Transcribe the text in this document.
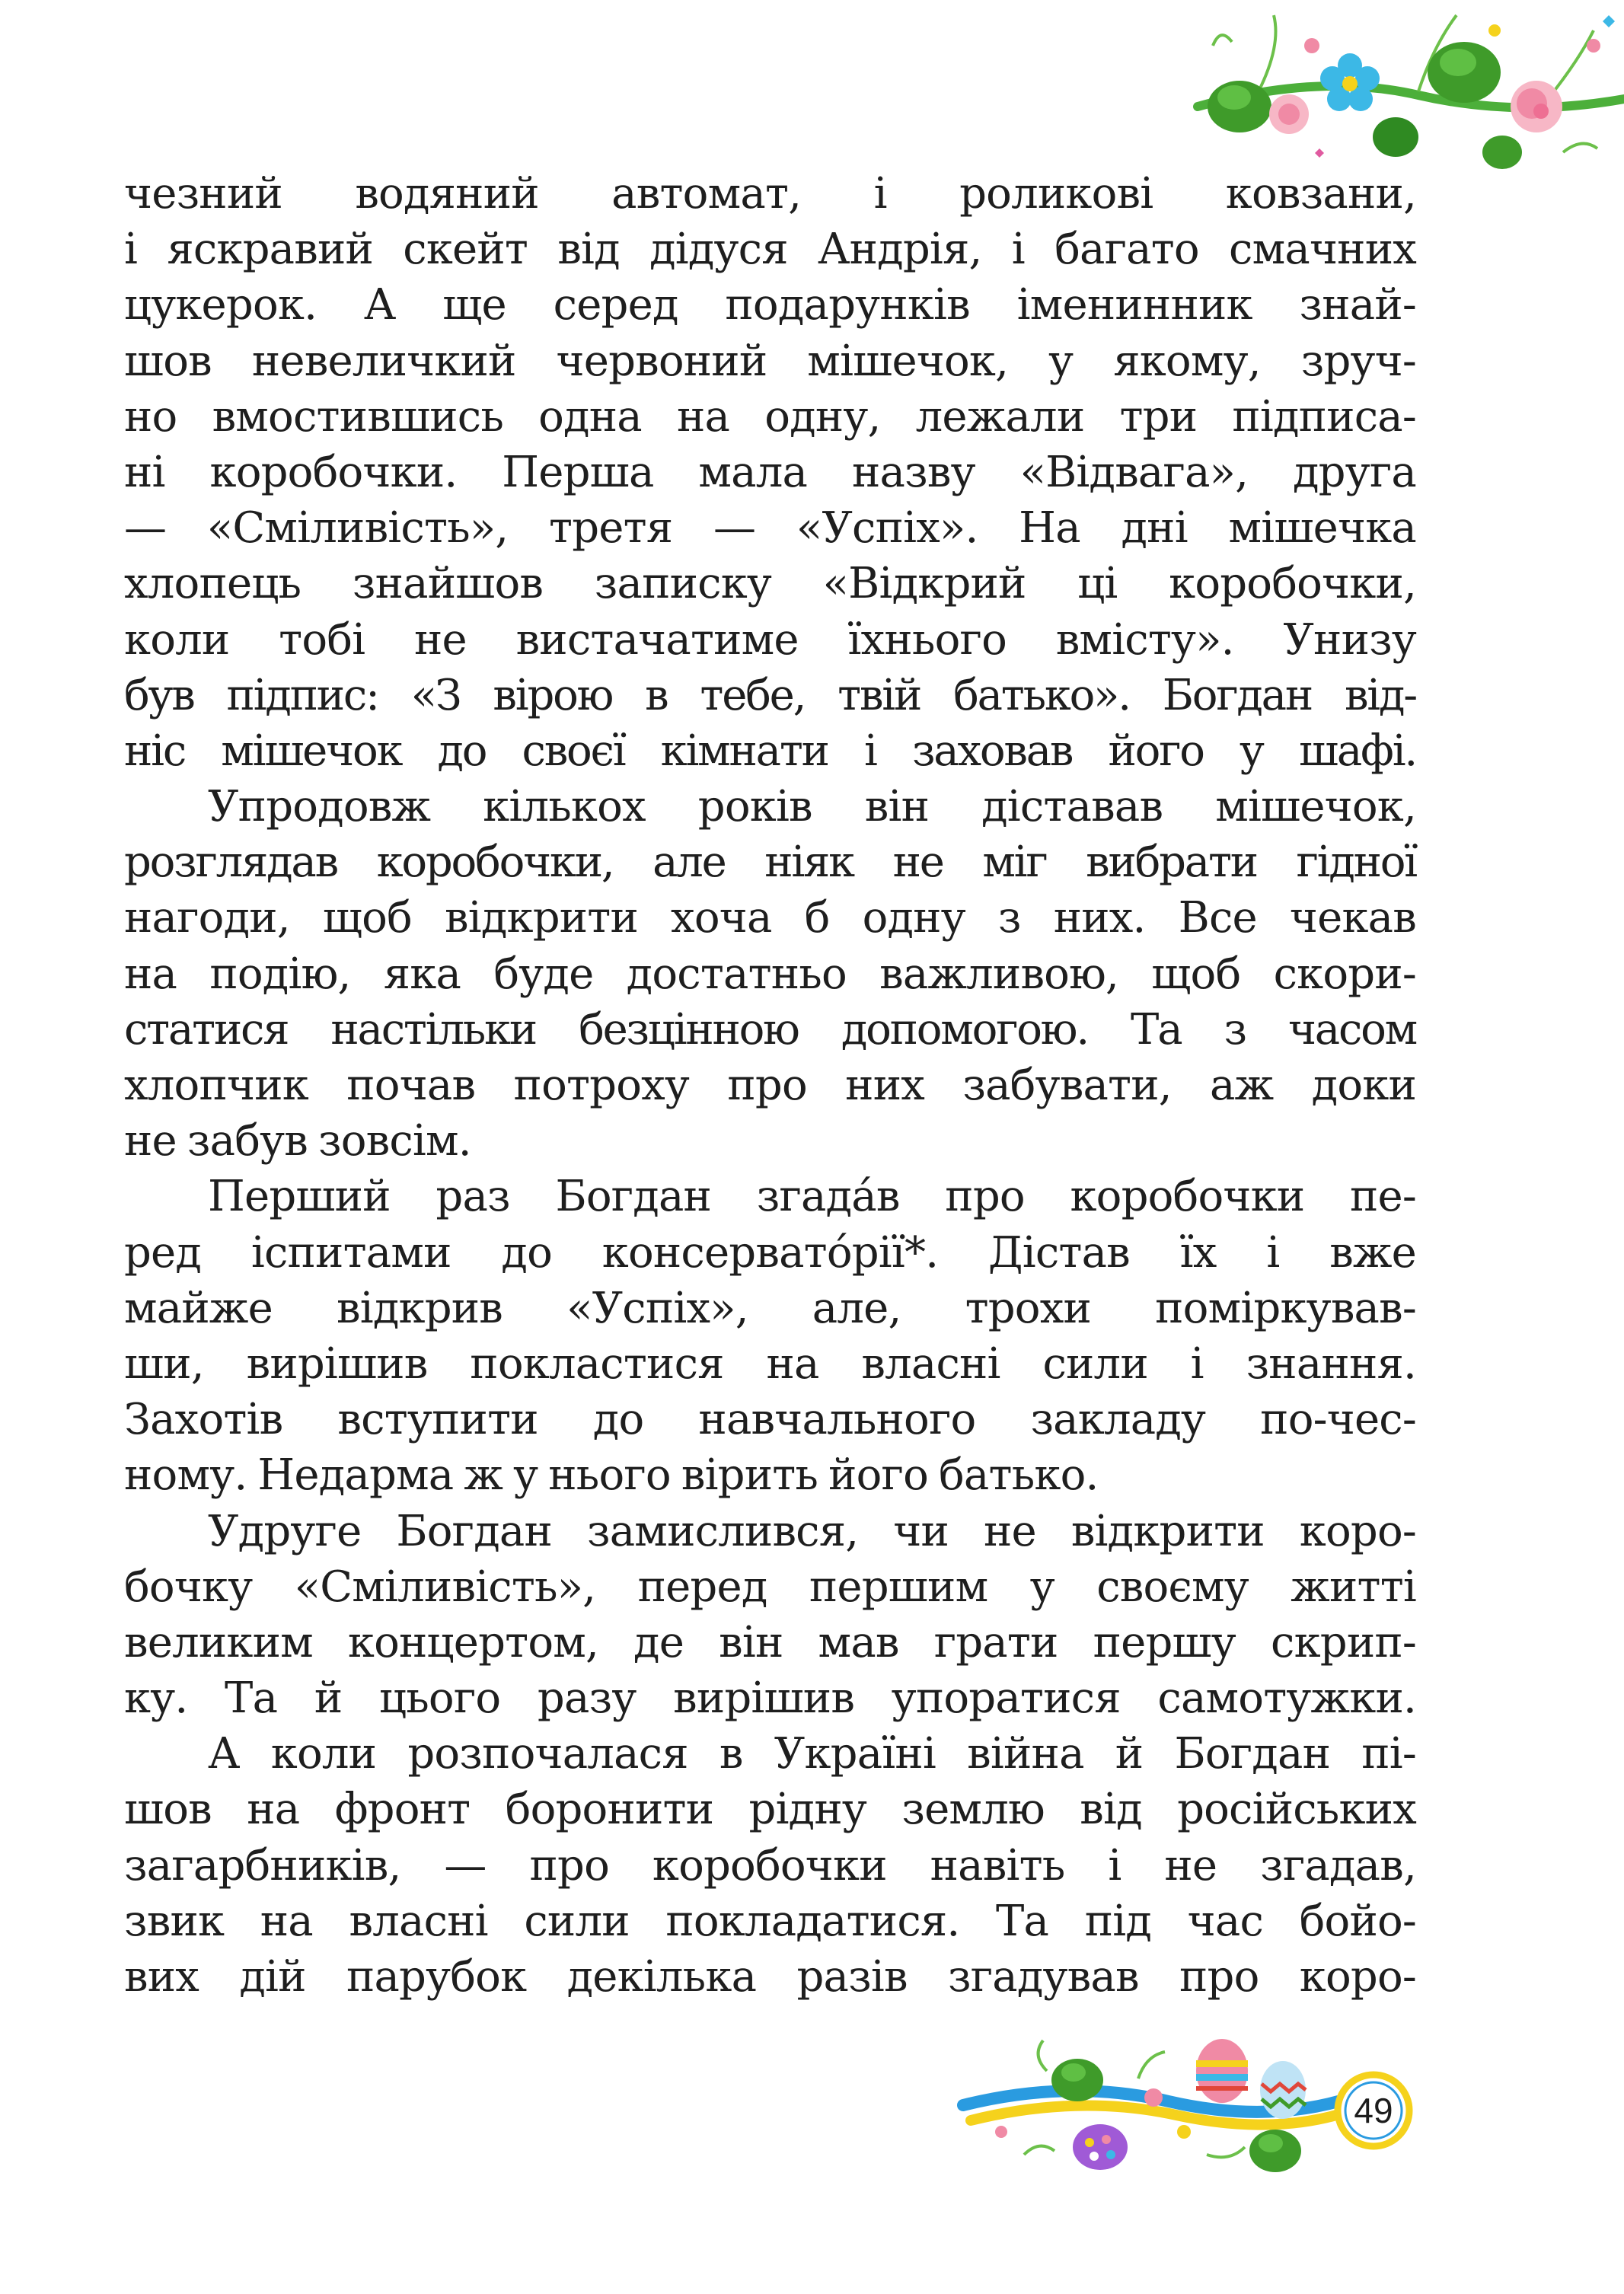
чезний водяний автомат, і роликові ковзани,
і яскравий скейт від дідуся Андрія, і багато смачних
цукерок. А ще серед подарунків іменинник знай-
шов невеличкий червоний мішечок, у якому, зруч-
но вмостившись одна на одну, лежали три підписа-
ні коробочки. Перша мала назву «Відвага», друга
— «Сміливість», третя — «Успіх». На дні мішечка
хлопець знайшов записку «Відкрий ці коробочки,
коли тобі не вистачатиме їхнього вмісту». Унизу
був підпис: «З вірою в тебе, твій батько». Богдан від-
ніс мішечок до своєї кімнати і заховав його у шафі.
Упродовж кількох років він діставав мішечок,
розглядав коробочки, але ніяк не міг вибрати гідної
нагоди, щоб відкрити хоча б одну з них. Все чекав
на подію, яка буде достатньо важливою, щоб скори-
статися настільки безцінною допомогою. Та з часом
хлопчик почав потроху про них забувати, аж доки
не забув зовсім.
Перший раз Богдан згада́в про коробочки пе-
ред іспитами до консервато́рії*. Дістав їх і вже
майже відкрив «Успіх», але, трохи поміркував-
ши, вирішив покластися на власні сили і знання.
Захотів вступити до навчального закладу по-чес-
ному. Недарма ж у нього вірить його батько.
Удруге Богдан замислився, чи не відкрити коро-
бочку «Сміливість», перед першим у своєму житті
великим концертом, де він мав грати першу скрип-
ку. Та й цього разу вирішив упоратися самотужки.
А коли розпочалася в Україні війна й Богдан пі-
шов на фронт боронити рідну землю від російських
загарбників, — про коробочки навіть і не згадав,
звик на власні сили покладатися. Та під час бойо-
вих дій парубок декілька разів згадував про коро-
49
